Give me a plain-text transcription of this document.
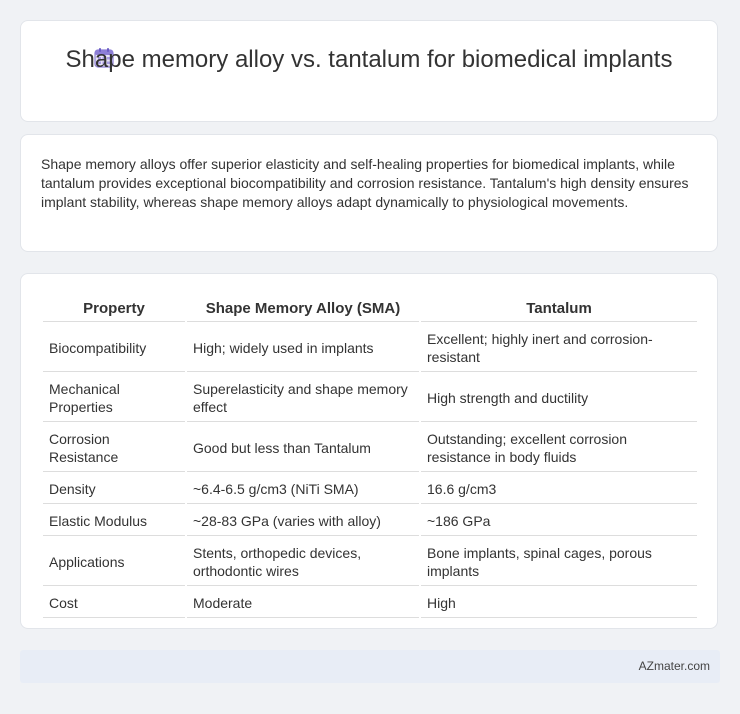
Shape memory alloy vs. tantalum for biomedical implants
Shape memory alloys offer superior elasticity and self-healing properties for biomedical implants, while tantalum provides exceptional biocompatibility and corrosion resistance. Tantalum's high density ensures implant stability, whereas shape memory alloys adapt dynamically to physiological movements.
Property	Shape Memory Alloy (SMA)	Tantalum
Biocompatibility	High; widely used in implants	Excellent; highly inert and corrosion-resistant
Mechanical Properties	Superelasticity and shape memory effect	High strength and ductility
Corrosion Resistance	Good but less than Tantalum	Outstanding; excellent corrosion resistance in body fluids
Density	~6.4-6.5 g/cm3 (NiTi SMA)	16.6 g/cm3
Elastic Modulus	~28-83 GPa (varies with alloy)	~186 GPa
Applications	Stents, orthopedic devices, orthodontic wires	Bone implants, spinal cages, porous implants
Cost	Moderate	High
AZmater.com
